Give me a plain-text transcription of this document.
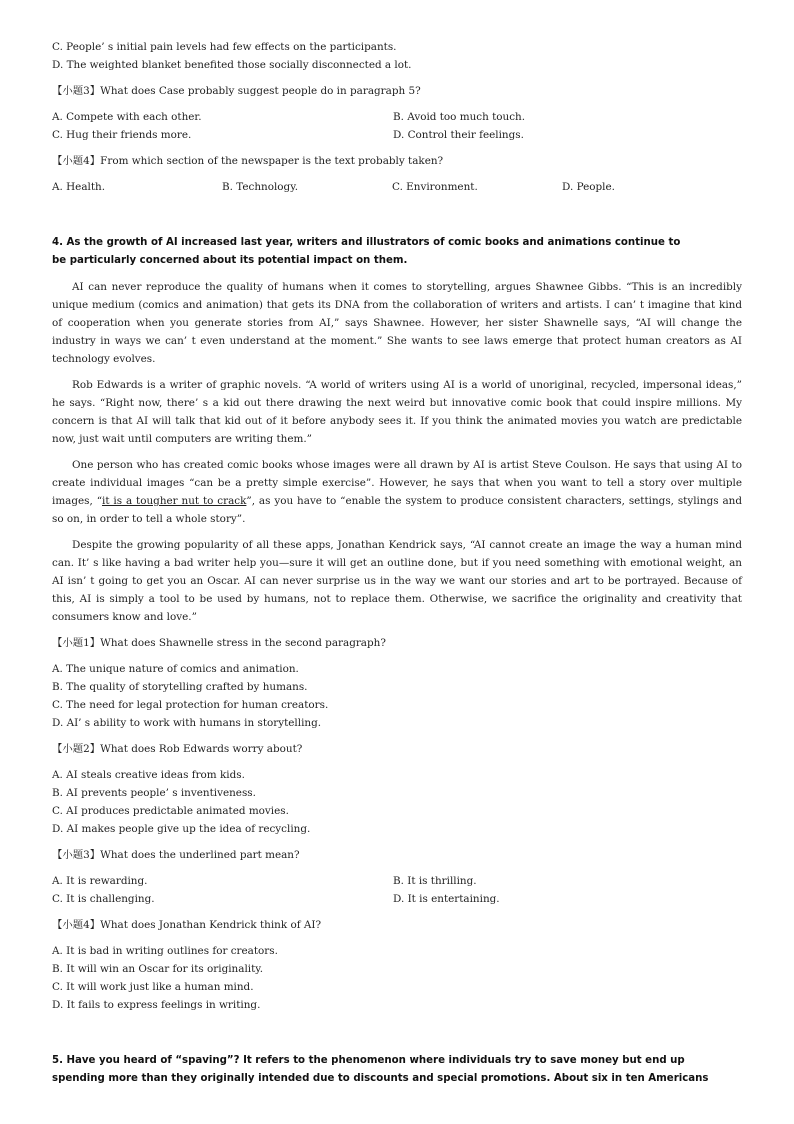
C. People’ s initial pain levels had few effects on the participants.
D. The weighted blanket benefited those socially disconnected a lot.
【小题3】What does Case probably suggest people do in paragraph 5?
A. Compete with each other.	B. Avoid too much touch.
C. Hug their friends more.	D. Control their feelings.
【小题4】From which section of the newspaper is the text probably taken?
A. Health.	B. Technology.	C. Environment.	D. People.
4. As the growth of AI increased last year, writers and illustrators of comic books and animations continue to
be particularly concerned about its potential impact on them.

AI can never reproduce the quality of humans when it comes to storytelling, argues Shawnee Gibbs. “This is an incredibly unique medium (comics and animation) that gets its DNA from the collaboration of writers and artists. I can’ t imagine that kind of cooperation when you generate stories from AI,” says Shawnee. However, her sister Shawnelle says, “AI will change the industry in ways we can’ t even understand at the moment.” She wants to see laws emerge that protect human creators as AI technology evolves.

Rob Edwards is a writer of graphic novels. “A world of writers using AI is a world of unoriginal, recycled, impersonal ideas,” he says. “Right now, there’ s a kid out there drawing the next weird but innovative comic book that could inspire millions. My concern is that AI will talk that kid out of it before anybody sees it. If you think the animated movies you watch are predictable now, just wait until computers are writing them.”

One person who has created comic books whose images were all drawn by AI is artist Steve Coulson. He says that using AI to create individual images “can be a pretty simple exercise”. However, he says that when you want to tell a story over multiple images, “it is a tougher nut to crack”, as you have to “enable the system to produce consistent characters, settings, stylings and so on, in order to tell a whole story”.

Despite the growing popularity of all these apps, Jonathan Kendrick says, “AI cannot create an image the way a human mind can. It’ s like having a bad writer help you—sure it will get an outline done, but if you need something with emotional weight, an AI isn’ t going to get you an Oscar. AI can never surprise us in the way we want our stories and art to be portrayed. Because of this, AI is simply a tool to be used by humans, not to replace them. Otherwise, we sacrifice the originality and creativity that consumers know and love.”

【小题1】What does Shawnelle stress in the second paragraph?
A. The unique nature of comics and animation.
B. The quality of storytelling crafted by humans.
C. The need for legal protection for human creators.
D. AI’ s ability to work with humans in storytelling.
【小题2】What does Rob Edwards worry about?
A. AI steals creative ideas from kids.
B. AI prevents people’ s inventiveness.
C. AI produces predictable animated movies.
D. AI makes people give up the idea of recycling.
【小题3】What does the underlined part mean?
A. It is rewarding.	B. It is thrilling.
C. It is challenging.	D. It is entertaining.
【小题4】What does Jonathan Kendrick think of AI?
A. It is bad in writing outlines for creators.
B. It will win an Oscar for its originality.
C. It will work just like a human mind.
D. It fails to express feelings in writing.
5. Have you heard of “spaving”? It refers to the phenomenon where individuals try to save money but end up
spending more than they originally intended due to discounts and special promotions. About six in ten Americans
